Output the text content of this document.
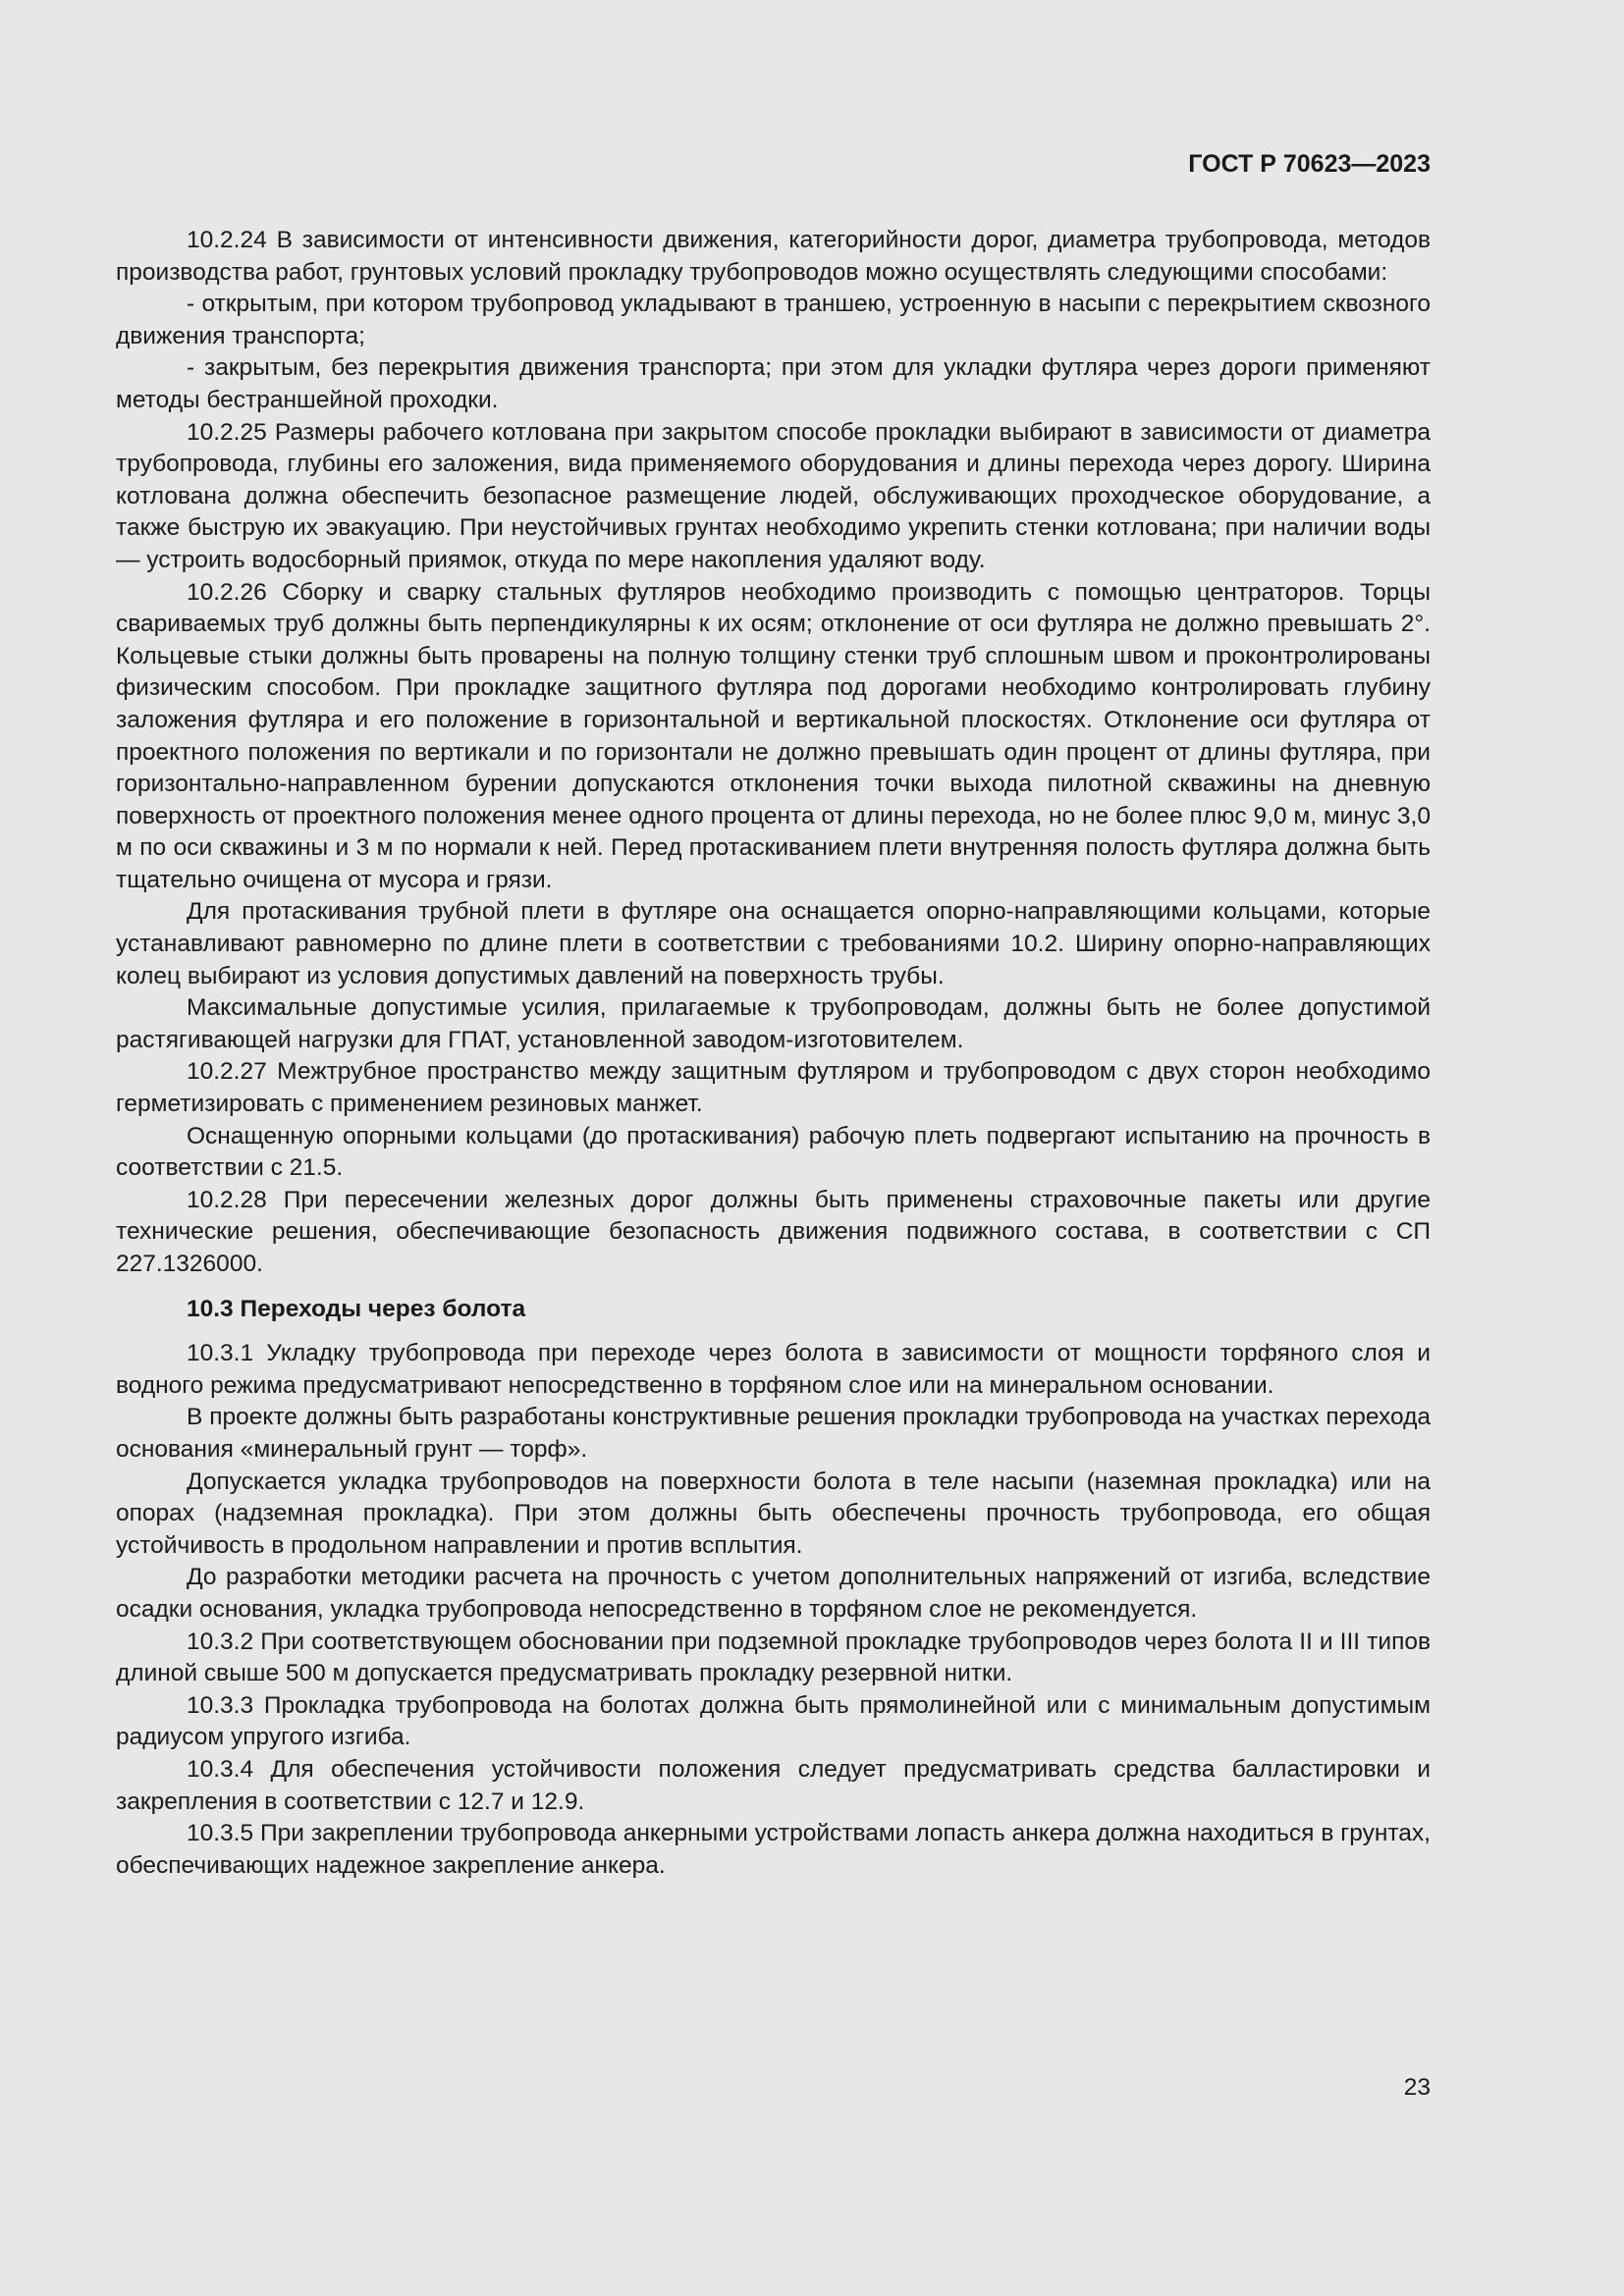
ГОСТ Р 70623—2023

10.2.24 В зависимости от интенсивности движения, категорийности дорог, диаметра трубопровода, методов производства работ, грунтовых условий прокладку трубопроводов можно осуществлять следующими способами:

- открытым, при котором трубопровод укладывают в траншею, устроенную в насыпи с перекрытием сквозного движения транспорта;

- закрытым, без перекрытия движения транспорта; при этом для укладки футляра через дороги применяют методы бестраншейной проходки.

10.2.25 Размеры рабочего котлована при закрытом способе прокладки выбирают в зависимости от диаметра трубопровода, глубины его заложения, вида применяемого оборудования и длины перехода через дорогу. Ширина котлована должна обеспечить безопасное размещение людей, обслуживающих проходческое оборудование, а также быструю их эвакуацию. При неустойчивых грунтах необходимо укрепить стенки котлована; при наличии воды — устроить водосборный приямок, откуда по мере накопления удаляют воду.

10.2.26 Сборку и сварку стальных футляров необходимо производить с помощью центраторов. Торцы свариваемых труб должны быть перпендикулярны к их осям; отклонение от оси футляра не должно превышать 2°. Кольцевые стыки должны быть проварены на полную толщину стенки труб сплошным швом и проконтролированы физическим способом. При прокладке защитного футляра под дорогами необходимо контролировать глубину заложения футляра и его положение в горизонтальной и вертикальной плоскостях. Отклонение оси футляра от проектного положения по вертикали и по горизонтали не должно превышать один процент от длины футляра, при горизонтально-направленном бурении допускаются отклонения точки выхода пилотной скважины на дневную поверхность от проектного положения менее одного процента от длины перехода, но не более плюс 9,0 м, минус 3,0 м по оси скважины и 3 м по нормали к ней. Перед протаскиванием плети внутренняя полость футляра должна быть тщательно очищена от мусора и грязи.

Для протаскивания трубной плети в футляре она оснащается опорно-направляющими кольцами, которые устанавливают равномерно по длине плети в соответствии с требованиями 10.2. Ширину опорно-направляющих колец выбирают из условия допустимых давлений на поверхность трубы.

Максимальные допустимые усилия, прилагаемые к трубопроводам, должны быть не более допустимой растягивающей нагрузки для ГПАТ, установленной заводом-изготовителем.

10.2.27 Межтрубное пространство между защитным футляром и трубопроводом с двух сторон необходимо герметизировать с применением резиновых манжет.

Оснащенную опорными кольцами (до протаскивания) рабочую плеть подвергают испытанию на прочность в соответствии с 21.5.

10.2.28 При пересечении железных дорог должны быть применены страховочные пакеты или другие технические решения, обеспечивающие безопасность движения подвижного состава, в соответствии с СП 227.1326000.

10.3 Переходы через болота

10.3.1 Укладку трубопровода при переходе через болота в зависимости от мощности торфяного слоя и водного режима предусматривают непосредственно в торфяном слое или на минеральном основании.

В проекте должны быть разработаны конструктивные решения прокладки трубопровода на участках перехода основания «минеральный грунт — торф».

Допускается укладка трубопроводов на поверхности болота в теле насыпи (наземная прокладка) или на опорах (надземная прокладка). При этом должны быть обеспечены прочность трубопровода, его общая устойчивость в продольном направлении и против всплытия.

До разработки методики расчета на прочность с учетом дополнительных напряжений от изгиба, вследствие осадки основания, укладка трубопровода непосредственно в торфяном слое не рекомендуется.

10.3.2 При соответствующем обосновании при подземной прокладке трубопроводов через болота II и III типов длиной свыше 500 м допускается предусматривать прокладку резервной нитки.

10.3.3 Прокладка трубопровода на болотах должна быть прямолинейной или с минимальным допустимым радиусом упругого изгиба.

10.3.4 Для обеспечения устойчивости положения следует предусматривать средства балластировки и закрепления в соответствии с 12.7 и 12.9.

10.3.5 При закреплении трубопровода анкерными устройствами лопасть анкера должна находиться в грунтах, обеспечивающих надежное закрепление анкера.

23
